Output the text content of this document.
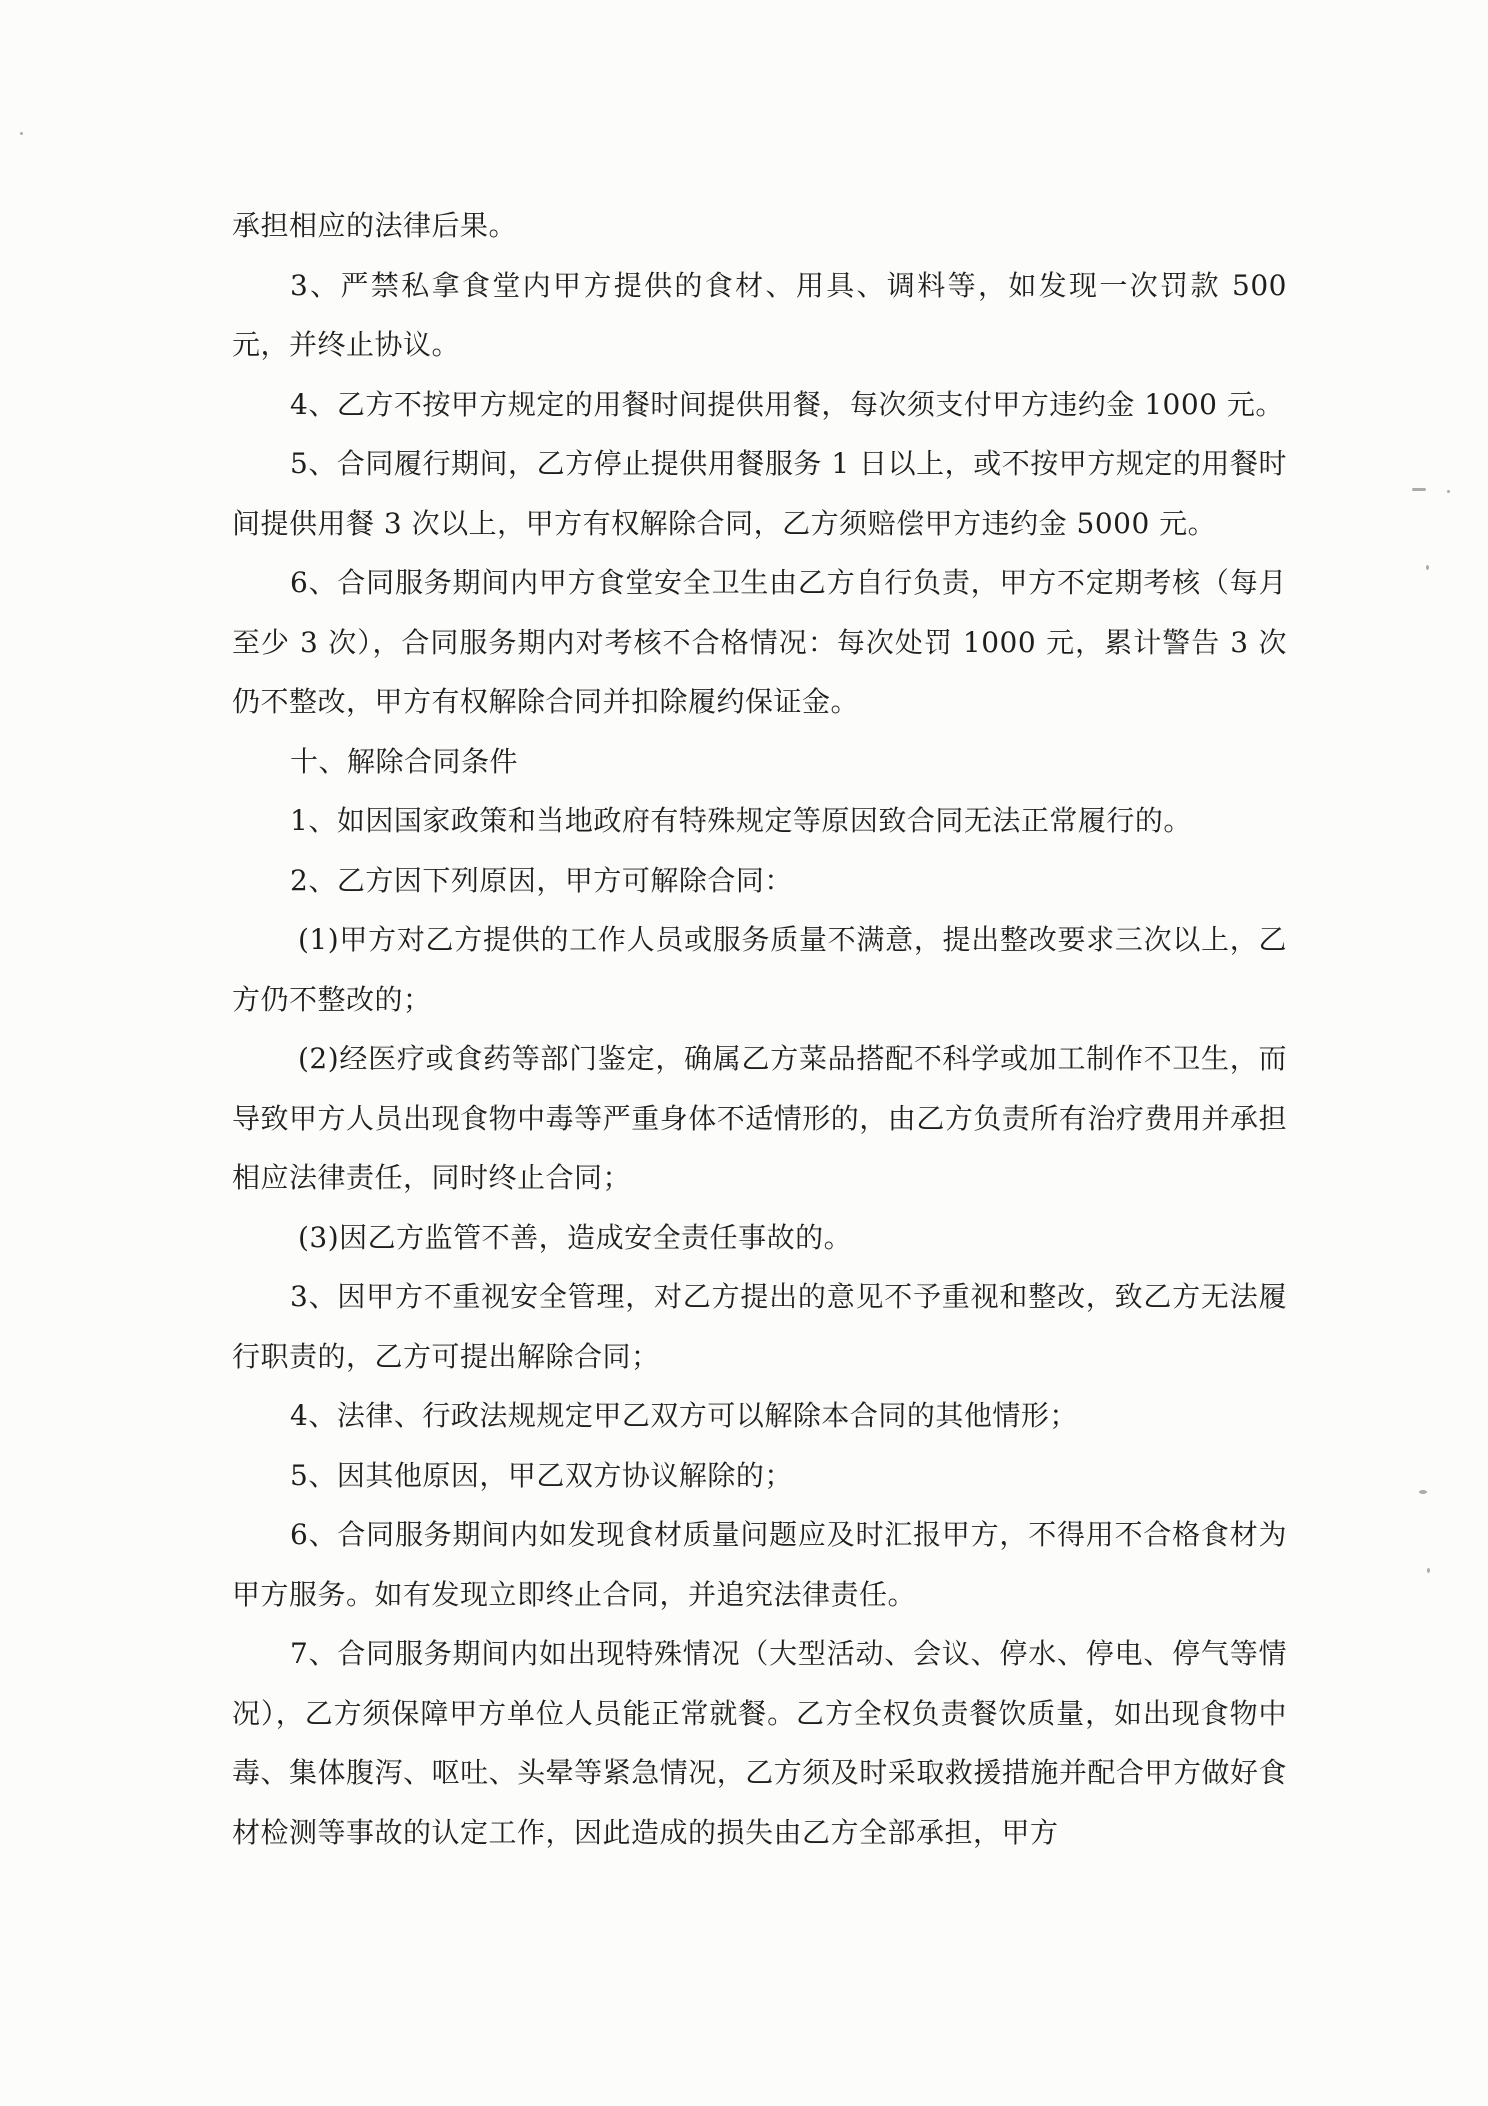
承担相应的法律后果。

3、严禁私拿食堂内甲方提供的食材、用具、调料等，如发现一次罚款 500 元，并终止协议。

4、乙方不按甲方规定的用餐时间提供用餐，每次须支付甲方违约金 1000 元。

5、合同履行期间，乙方停止提供用餐服务 1 日以上，或不按甲方规定的用餐时间提供用餐 3 次以上，甲方有权解除合同，乙方须赔偿甲方违约金 5000 元。

6、合同服务期间内甲方食堂安全卫生由乙方自行负责，甲方不定期考核（每月至少 3 次），合同服务期内对考核不合格情况：每次处罚 1000 元，累计警告 3 次仍不整改，甲方有权解除合同并扣除履约保证金。

十、解除合同条件

1、如因国家政策和当地政府有特殊规定等原因致合同无法正常履行的。

2、乙方因下列原因，甲方可解除合同：

(1)甲方对乙方提供的工作人员或服务质量不满意，提出整改要求三次以上，乙方仍不整改的；

(2)经医疗或食药等部门鉴定，确属乙方菜品搭配不科学或加工制作不卫生，而导致甲方人员出现食物中毒等严重身体不适情形的，由乙方负责所有治疗费用并承担相应法律责任，同时终止合同；

(3)因乙方监管不善，造成安全责任事故的。

3、因甲方不重视安全管理，对乙方提出的意见不予重视和整改，致乙方无法履行职责的，乙方可提出解除合同；

4、法律、行政法规规定甲乙双方可以解除本合同的其他情形；

5、因其他原因，甲乙双方协议解除的；

6、合同服务期间内如发现食材质量问题应及时汇报甲方，不得用不合格食材为甲方服务。如有发现立即终止合同，并追究法律责任。

7、合同服务期间内如出现特殊情况（大型活动、会议、停水、停电、停气等情况），乙方须保障甲方单位人员能正常就餐。乙方全权负责餐饮质量，如出现食物中毒、集体腹泻、呕吐、头晕等紧急情况，乙方须及时采取救援措施并配合甲方做好食材检测等事故的认定工作，因此造成的损失由乙方全部承担，甲方
